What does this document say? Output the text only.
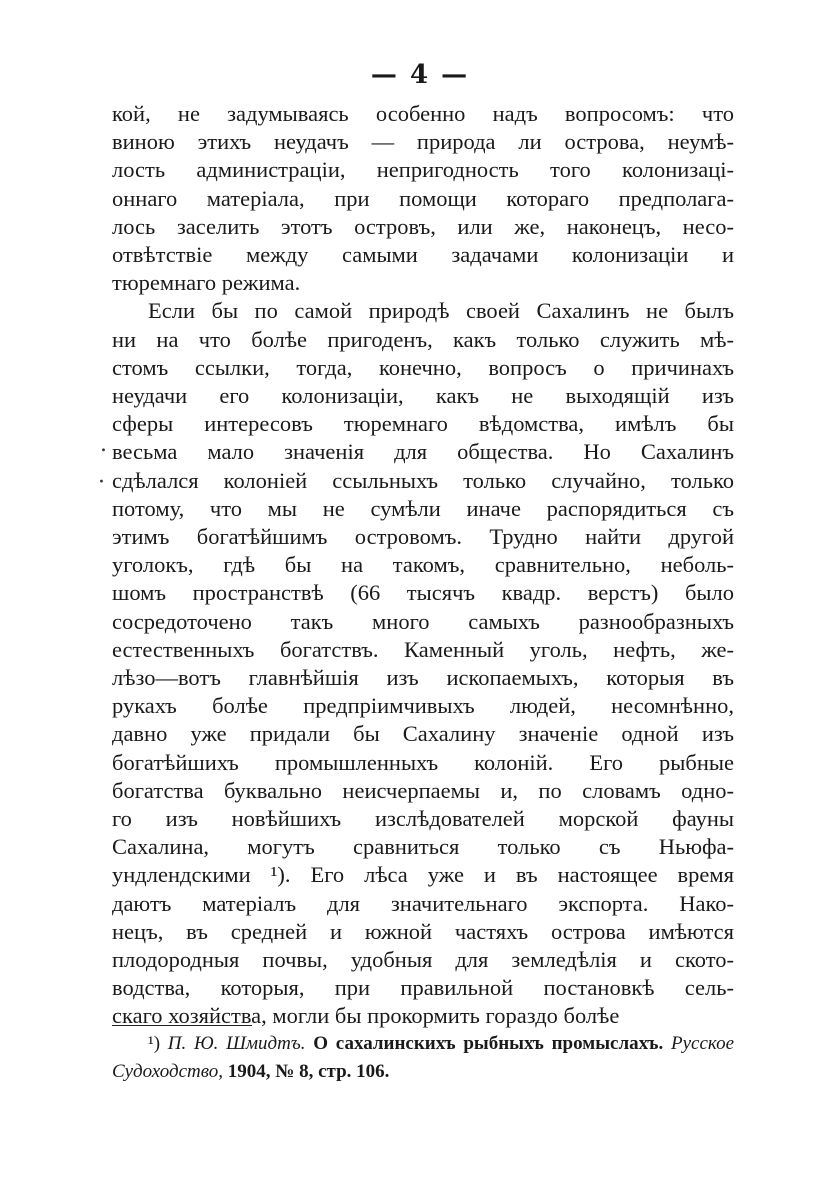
— 4 —
кой, не задумываясь особенно надъ вопросомъ: что
виною этихъ неудачъ — природа ли острова, неумѣ-
лость администрацiи, непригодность того колонизацi-
оннаго матерiала, при помощи котораго предполага-
лось заселить этотъ островъ, или же, наконецъ, несо-
отвѣтствiе между самыми задачами колонизацiи и
тюремнаго режима.
Если бы по самой природѣ своей Сахалинъ не былъ
ни на что болѣе пригоденъ, какъ только служить мѣ-
стомъ ссылки, тогда, конечно, вопросъ о причинахъ
неудачи его колонизацiи, какъ не выходящiй изъ
сферы интересовъ тюремнаго вѣдомства, имѣлъ бы
весьма мало значенiя для общества. Но Сахалинъ
сдѣлался колонiей ссыльныхъ только случайно, только
потому, что мы не сумѣли иначе распорядиться съ
этимъ богатѣйшимъ островомъ. Трудно найти другой
уголокъ, гдѣ бы на такомъ, сравнительно, неболь-
шомъ пространствѣ (66 тысячъ квадр. верстъ) было
сосредоточено такъ много самыхъ разнообразныхъ
естественныхъ богатствъ. Каменный уголь, нефть, же-
лѣзо—вотъ главнѣйшiя изъ ископаемыхъ, которыя въ
рукахъ болѣе предпрiимчивыхъ людей, несомнѣнно,
давно уже придали бы Сахалину значенiе одной изъ
богатѣйшихъ промышленныхъ колонiй. Его рыбные
богатства буквально неисчерпаемы и, по словамъ одно-
го изъ новѣйшихъ изслѣдователей морской фауны
Сахалина, могутъ сравниться только съ Ньюфа-
ундлендскими ¹). Его лѣса уже и въ настоящее время
даютъ матерiалъ для значительнаго экспорта. Нако-
нецъ, въ средней и южной частяхъ острова имѣются
плодородныя почвы, удобныя для земледѣлiя и ското-
водства, которыя, при правильной постановкѣ сель-
скаго хозяйства, могли бы прокормить гораздо болѣе
¹) П. Ю. Шмидтъ. О сахалинскихъ рыбныхъ промыслахъ. Русское
Судоходство, 1904, № 8, стр. 106.
.
·
